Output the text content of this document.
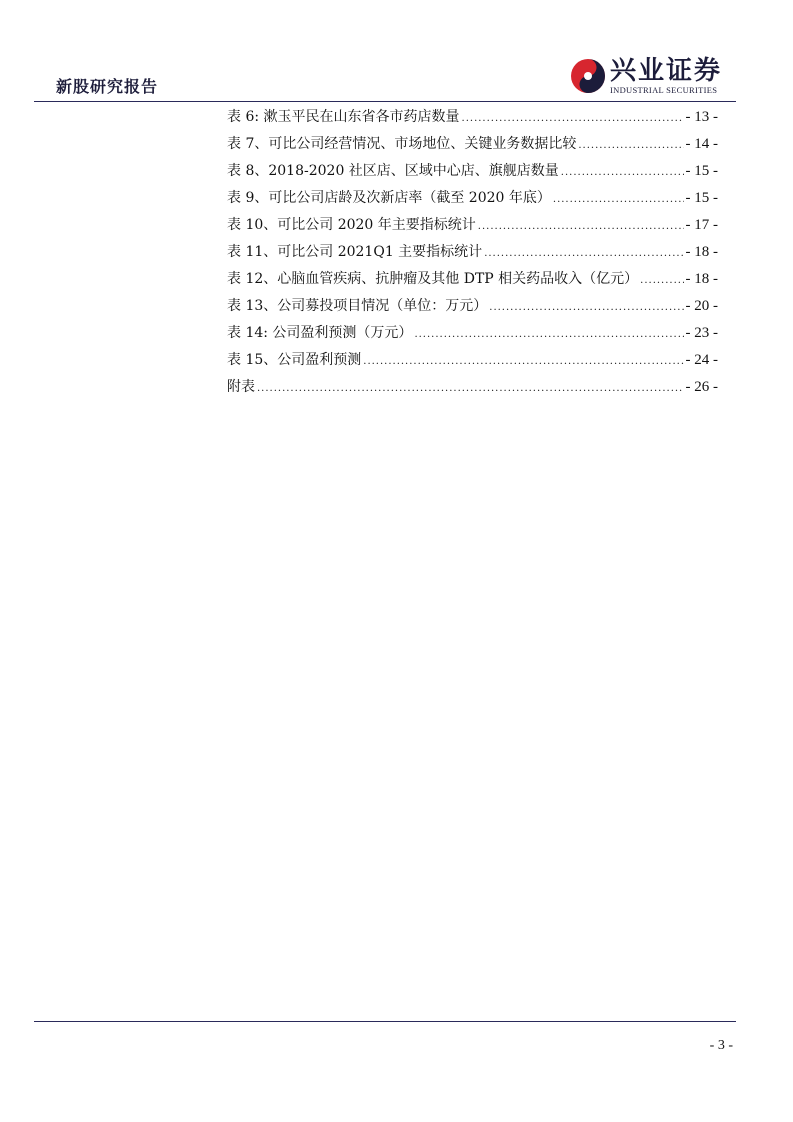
新股研究报告
兴业证券
INDUSTRIAL SECURITIES
表 6: 漱玉平民在山东省各市药店数量 .....	- 13 -
表 7、可比公司经营情况、市场地位、关键业务数据比较 .....	- 14 -
表 8、2018-2020 社区店、区域中心店、旗舰店数量 .....	- 15 -
表 9、可比公司店龄及次新店率（截至 2020 年底） .....	- 15 -
表 10、可比公司 2020 年主要指标统计 .....	- 17 -
表 11、可比公司 2021Q1 主要指标统计 .....	- 18 -
表 12、心脑血管疾病、抗肿瘤及其他 DTP 相关药品收入（亿元） .....	- 18 -
表 13、公司募投项目情况（单位：万元） .....	- 20 -
表 14: 公司盈利预测（万元） .....	- 23 -
表 15、公司盈利预测 .....	- 24 -
附表 .....	- 26 -
- 3 -
